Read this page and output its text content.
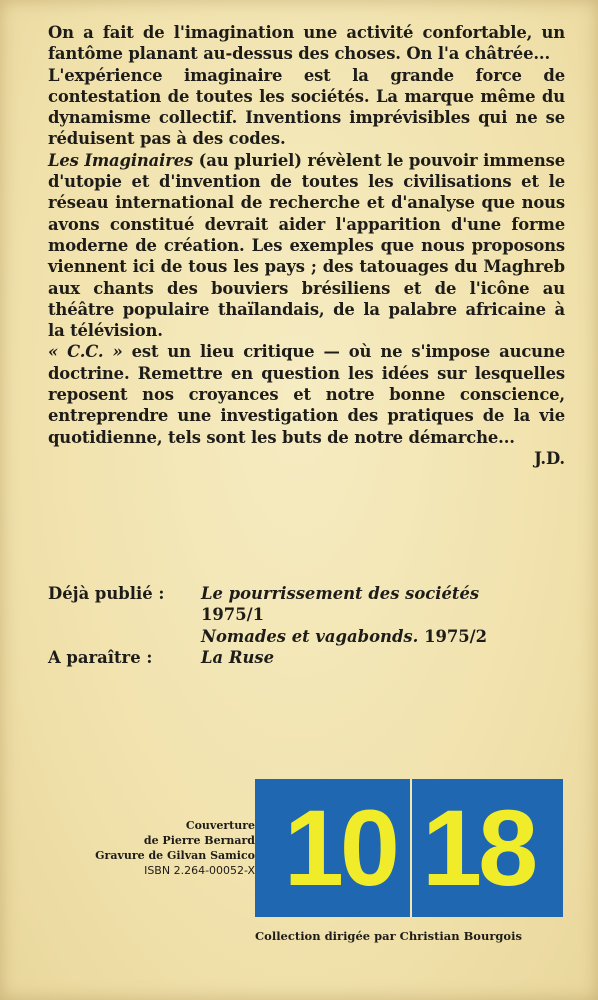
On a fait de l'imagination une activité confortable, un fantôme planant au-dessus des choses. On l'a châtrée...

L'expérience imaginaire est la grande force de contestation de toutes les sociétés. La marque même du dynamisme collectif. Inventions imprévisibles qui ne se réduisent pas à des codes.

Les Imaginaires (au pluriel) révèlent le pouvoir immense d'utopie et d'invention de toutes les civilisations et le réseau international de recherche et d'analyse que nous avons constitué devrait aider l'apparition d'une forme moderne de création. Les exemples que nous proposons viennent ici de tous les pays ; des tatouages du Maghreb aux chants des bouviers brésiliens et de l'icône au théâtre populaire thaïlandais, de la palabre africaine à la télévision.

« C.C. » est un lieu critique — où ne s'impose aucune doctrine. Remettre en question les idées sur lesquelles reposent nos croyances et notre bonne conscience, entreprendre une investigation des pratiques de la vie quotidienne, tels sont les buts de notre démarche...

J.D.

Déjà publié :	Le pourrissement des sociétés
1975/1
Nomades et vagabonds. 1975/2
A paraître :	La Ruse
Couverture
de Pierre Bernard
Gravure de Gilvan Samico
ISBN 2.264-00052-X 10 18
Collection dirigée par Christian Bourgois
